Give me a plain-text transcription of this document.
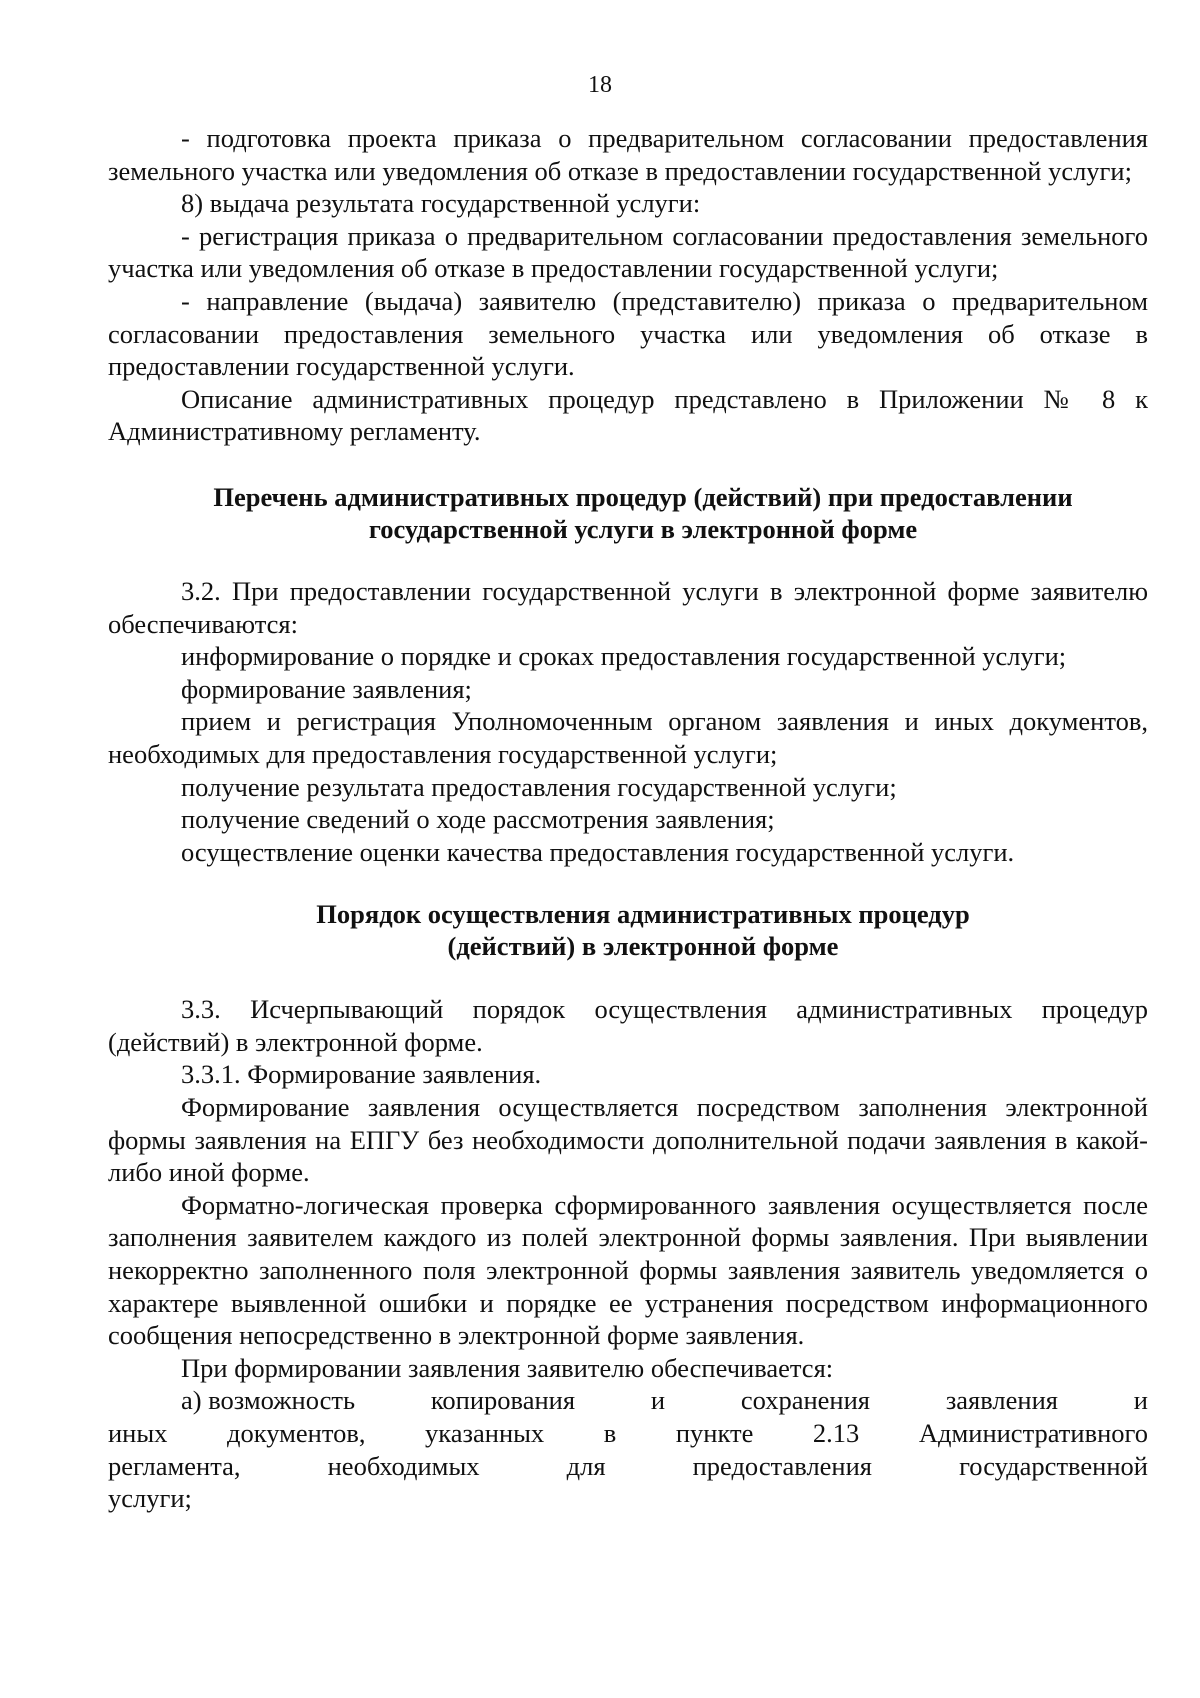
18

- подготовка проекта приказа о предварительном согласовании предоставления земельного участка или уведомления об отказе в предоставлении государственной услуги;

8) выдача результата государственной услуги:

- регистрация приказа о предварительном согласовании предоставления земельного участка или уведомления об отказе в предоставлении государственной услуги;

- направление (выдача) заявителю (представителю) приказа о предварительном согласовании предоставления земельного участка или уведомления об отказе в предоставлении государственной услуги.

Описание административных процедур представлено в Приложении № 8 к Административному регламенту.

Перечень административных процедур (действий) при предоставлении
государственной услуги в электронной форме

3.2. При предоставлении государственной услуги в электронной форме заявителю обеспечиваются:

информирование о порядке и сроках предоставления государственной услуги;

формирование заявления;

прием и регистрация Уполномоченным органом заявления и иных документов, необходимых для предоставления государственной услуги;

получение результата предоставления государственной услуги;

получение сведений о ходе рассмотрения заявления;

осуществление оценки качества предоставления государственной услуги.

Порядок осуществления административных процедур
(действий) в электронной форме

3.3. Исчерпывающий порядок осуществления административных процедур (действий) в электронной форме.

3.3.1. Формирование заявления.

Формирование заявления осуществляется посредством заполнения электронной формы заявления на ЕПГУ без необходимости дополнительной подачи заявления в какой-либо иной форме.

Форматно-логическая проверка сформированного заявления осуществляется после заполнения заявителем каждого из полей электронной формы заявления. При выявлении некорректно заполненного поля электронной формы заявления заявитель уведомляется о характере выявленной ошибки и порядке ее устранения посредством информационного сообщения непосредственно в электронной форме заявления.

При формировании заявления заявителю обеспечивается:

а) возможность	копирования	и	сохранения	заявления	и
иных документов, указанных в пункте 2.13 Административного
регламента,	необходимых	для	предоставления	государственной
услуги;
